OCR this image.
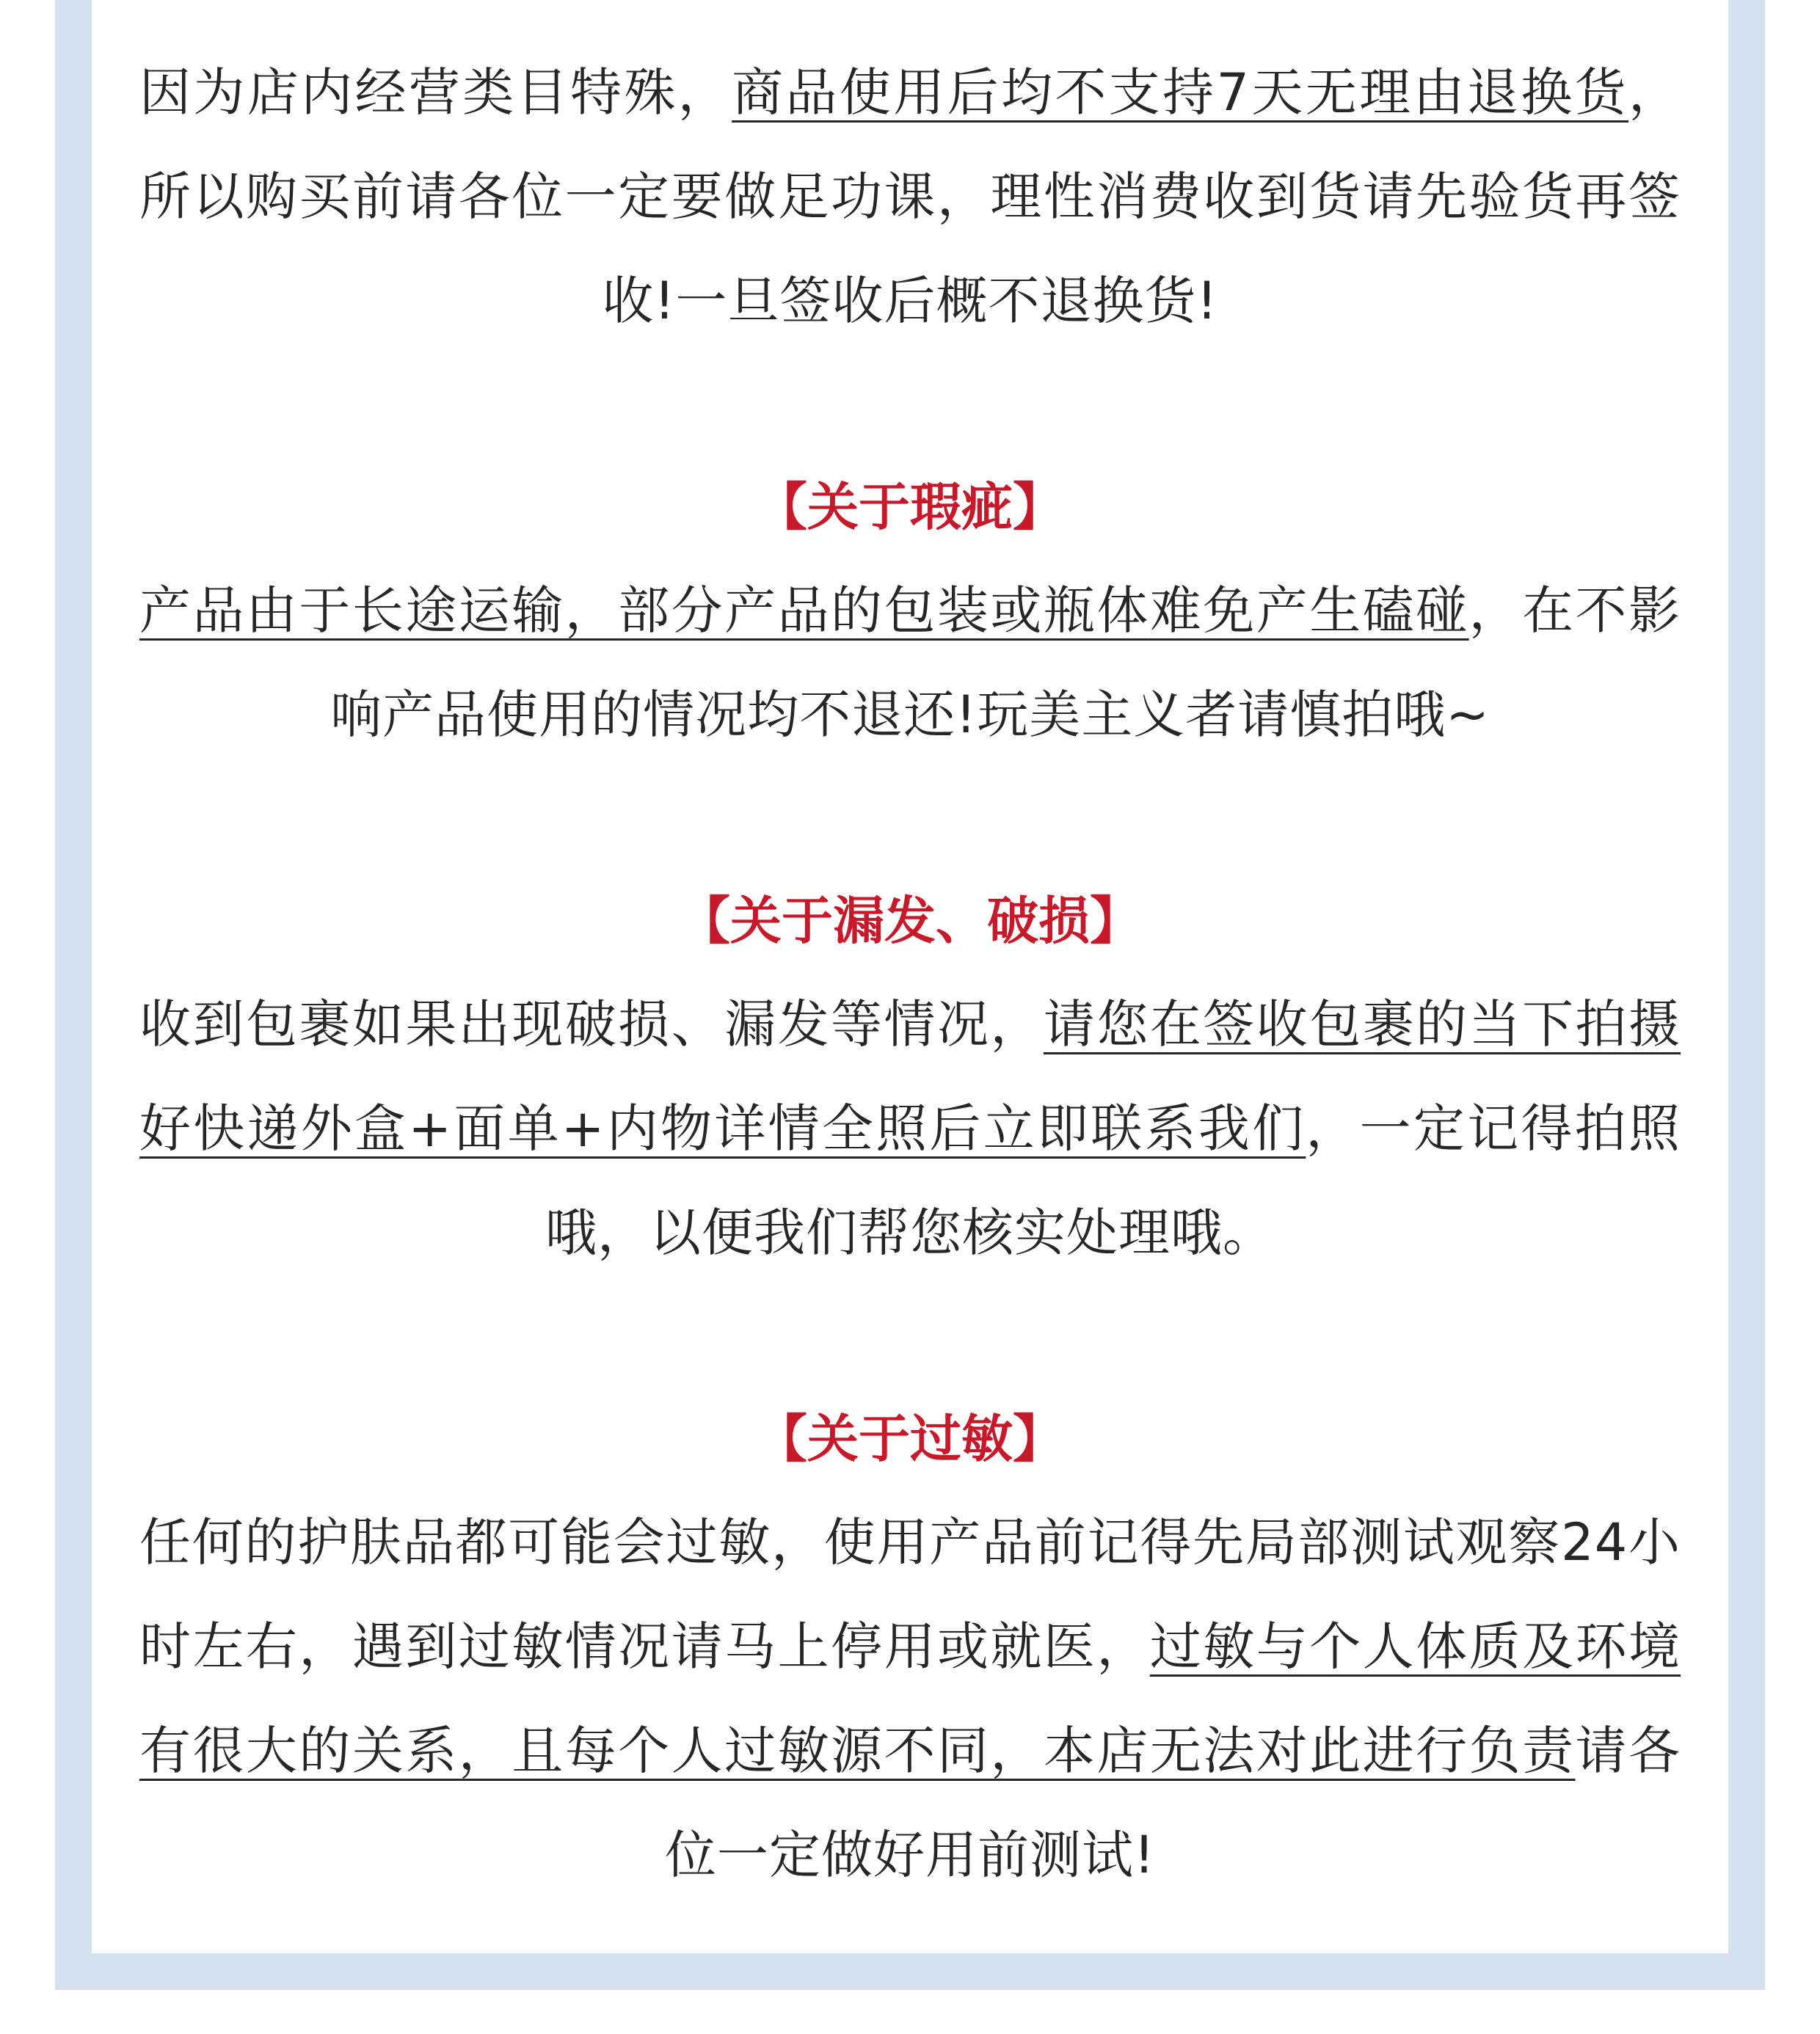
因为店内经营类目特殊，商品使用后均不支持7天无理由退换货，所以购买前请各位一定要做足功课，理性消费收到货请先验货再签收!一旦签收后概不退换货!

【关于瑕疵】

产品由于长途运输，部分产品的包装或瓶体难免产生磕碰，在不影响产品使用的情况均不退还!玩美主义者请慎拍哦~

【关于漏发、破损】

收到包裹如果出现破损、漏发等情况，请您在签收包裹的当下拍摄好快递外盒+面单+内物详情全照后立即联系我们，一定记得拍照哦，以便我们帮您核实处理哦。

【关于过敏】

任何的护肤品都可能会过敏，使用产品前记得先局部测试观察24小时左右，遇到过敏情况请马上停用或就医，过敏与个人体质及环境有很大的关系，且每个人过敏源不同，本店无法对此进行负责请各位一定做好用前测试!
